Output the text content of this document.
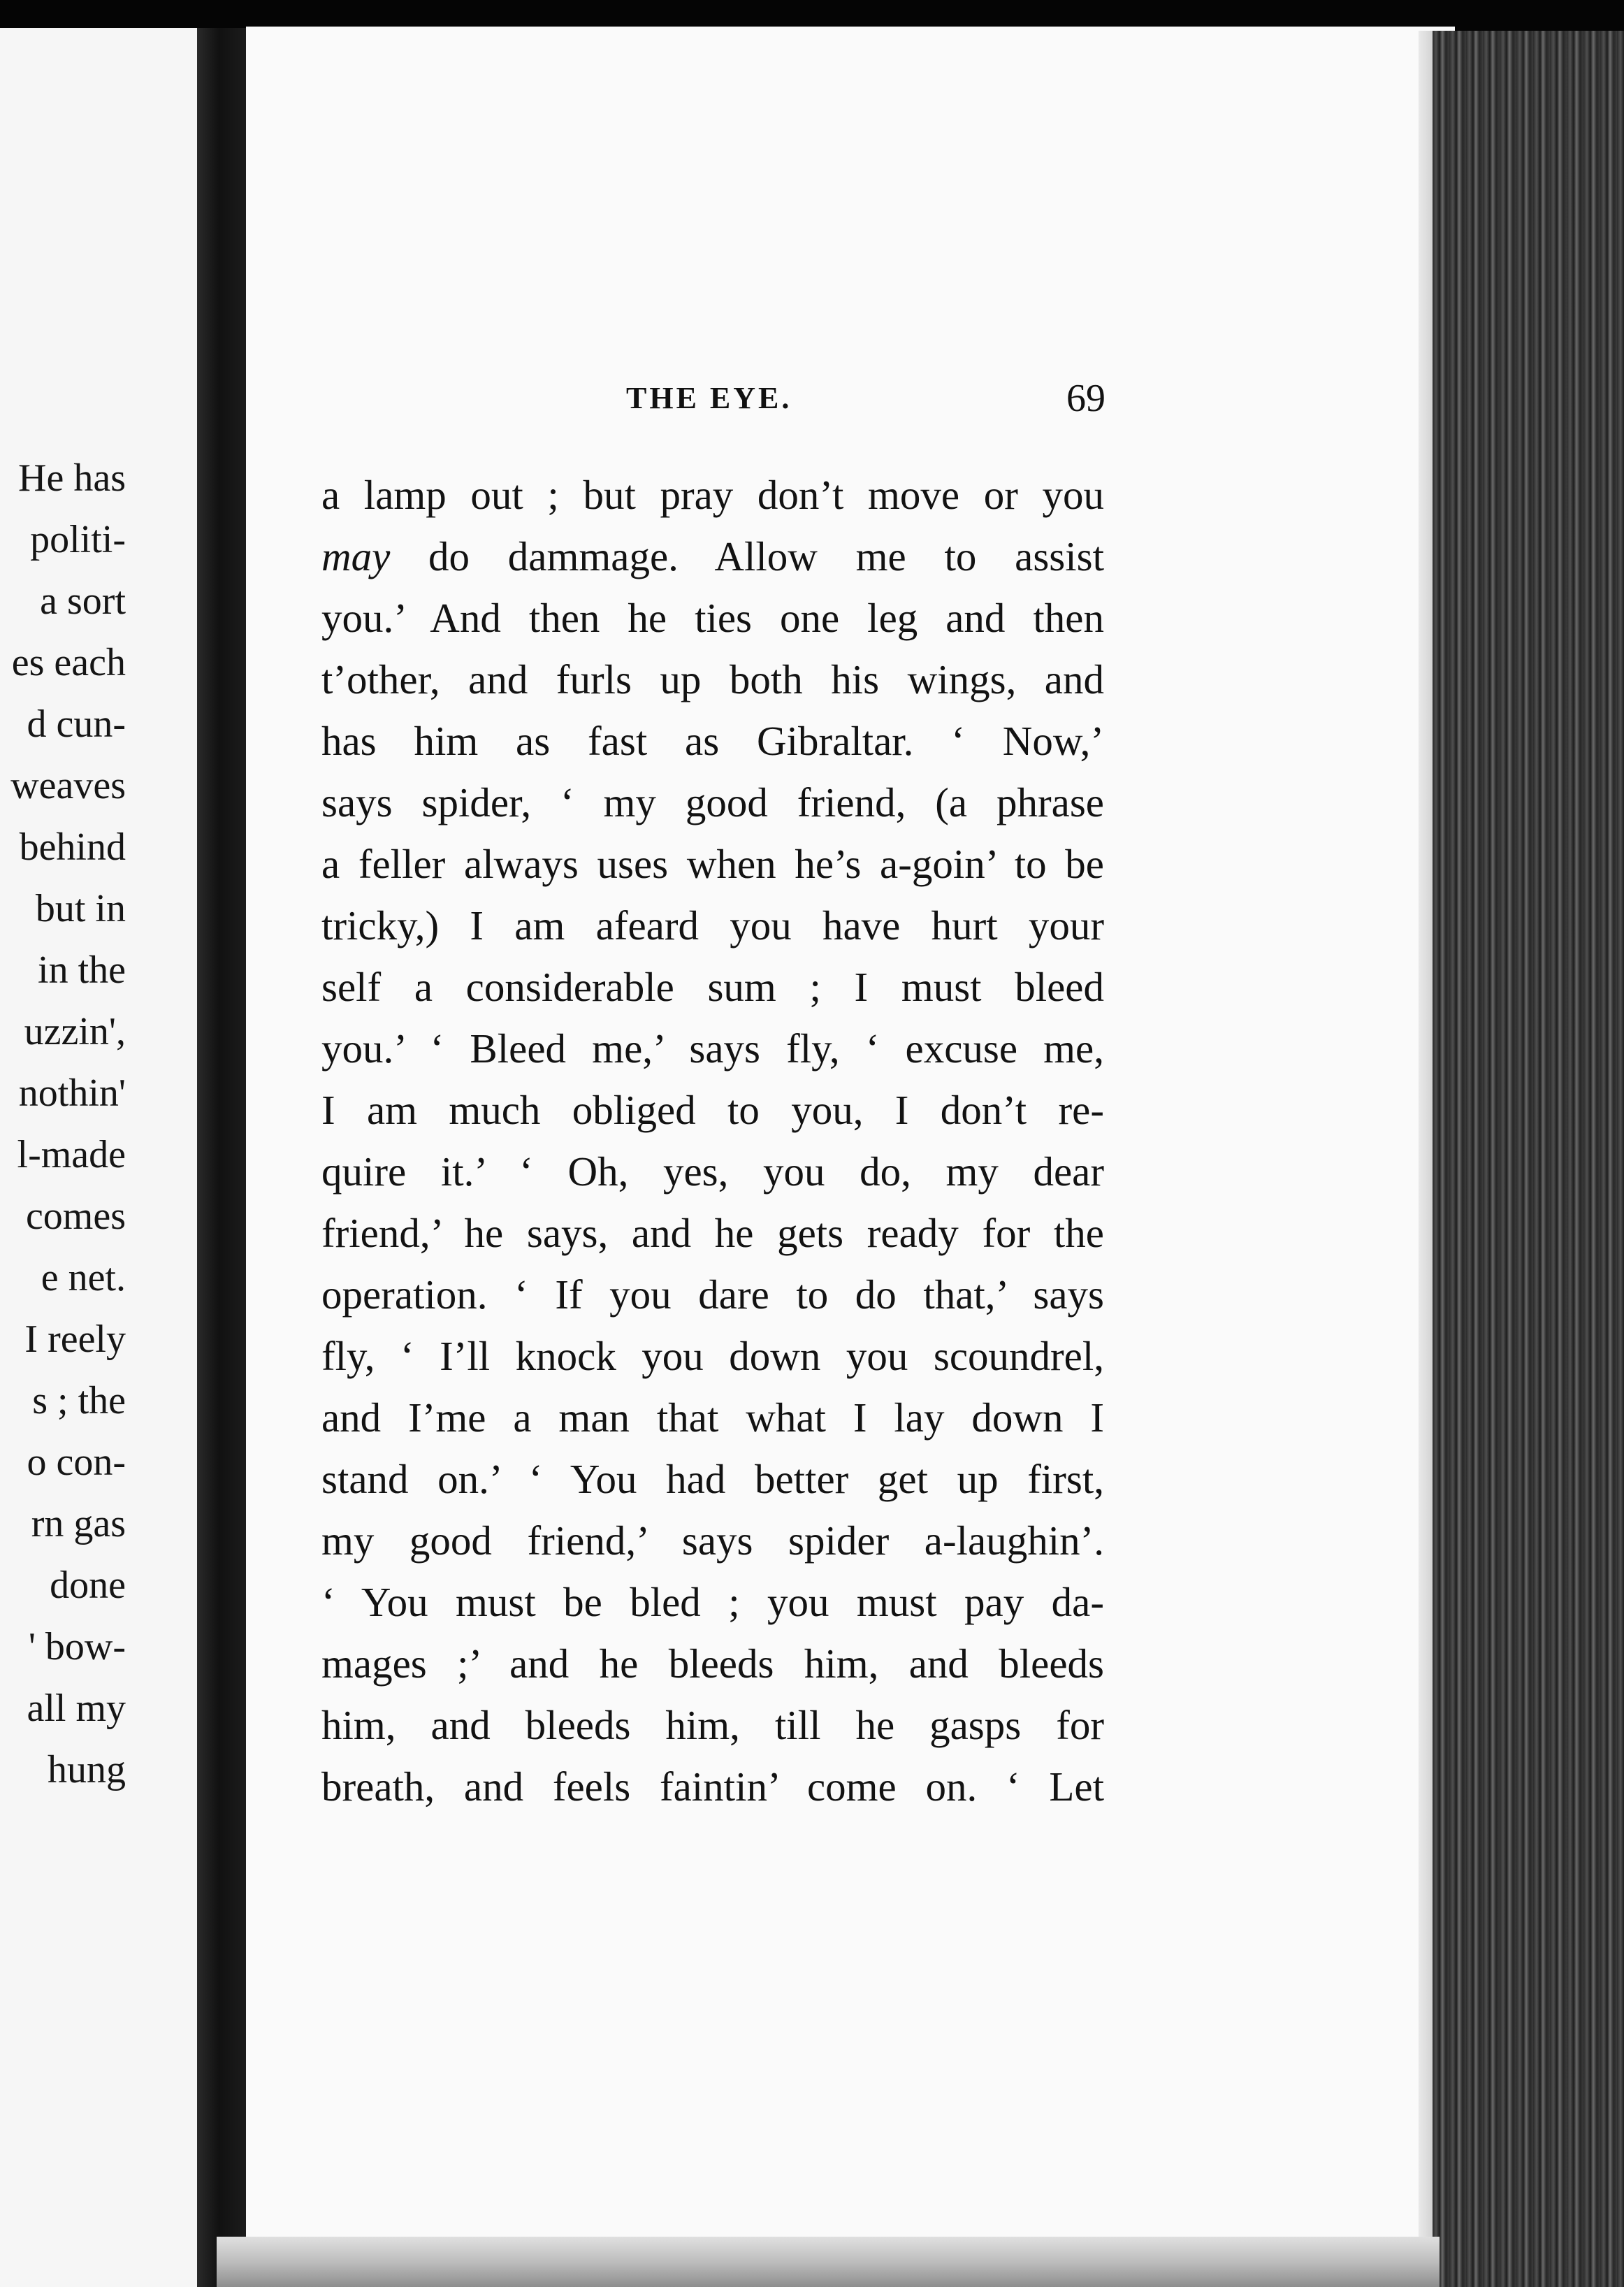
He has
politi-
a sort
es each
d cun-
weaves
behind
but in
in the
uzzin',
nothin'
l-made
comes
e net.
I reely
s ; the
o con-
rn gas
done
' bow-
all my
hung
THE EYE.	69
a lamp out ; but pray don’t move or you
may do dammage. Allow me to assist
you.’ And then he ties one leg and then
t’other, and furls up both his wings, and
has him as fast as Gibraltar. ‘ Now,’
says spider, ‘ my good friend, (a phrase
a feller always uses when he’s a-goin’ to be
tricky,) I am afeard you have hurt your
self a considerable sum ; I must bleed
you.’ ‘ Bleed me,’ says fly, ‘ excuse me,
I am much obliged to you, I don’t re-
quire it.’ ‘ Oh, yes, you do, my dear
friend,’ he says, and he gets ready for the
operation. ‘ If you dare to do that,’ says
fly, ‘ I’ll knock you down you scoundrel,
and I’me a man that what I lay down I
stand on.’ ‘ You had better get up first,
my good friend,’ says spider a-laughin’.
‘ You must be bled ; you must pay da-
mages ;’ and he bleeds him, and bleeds
him, and bleeds him, till he gasps for
breath, and feels faintin’ come on. ‘ Let
